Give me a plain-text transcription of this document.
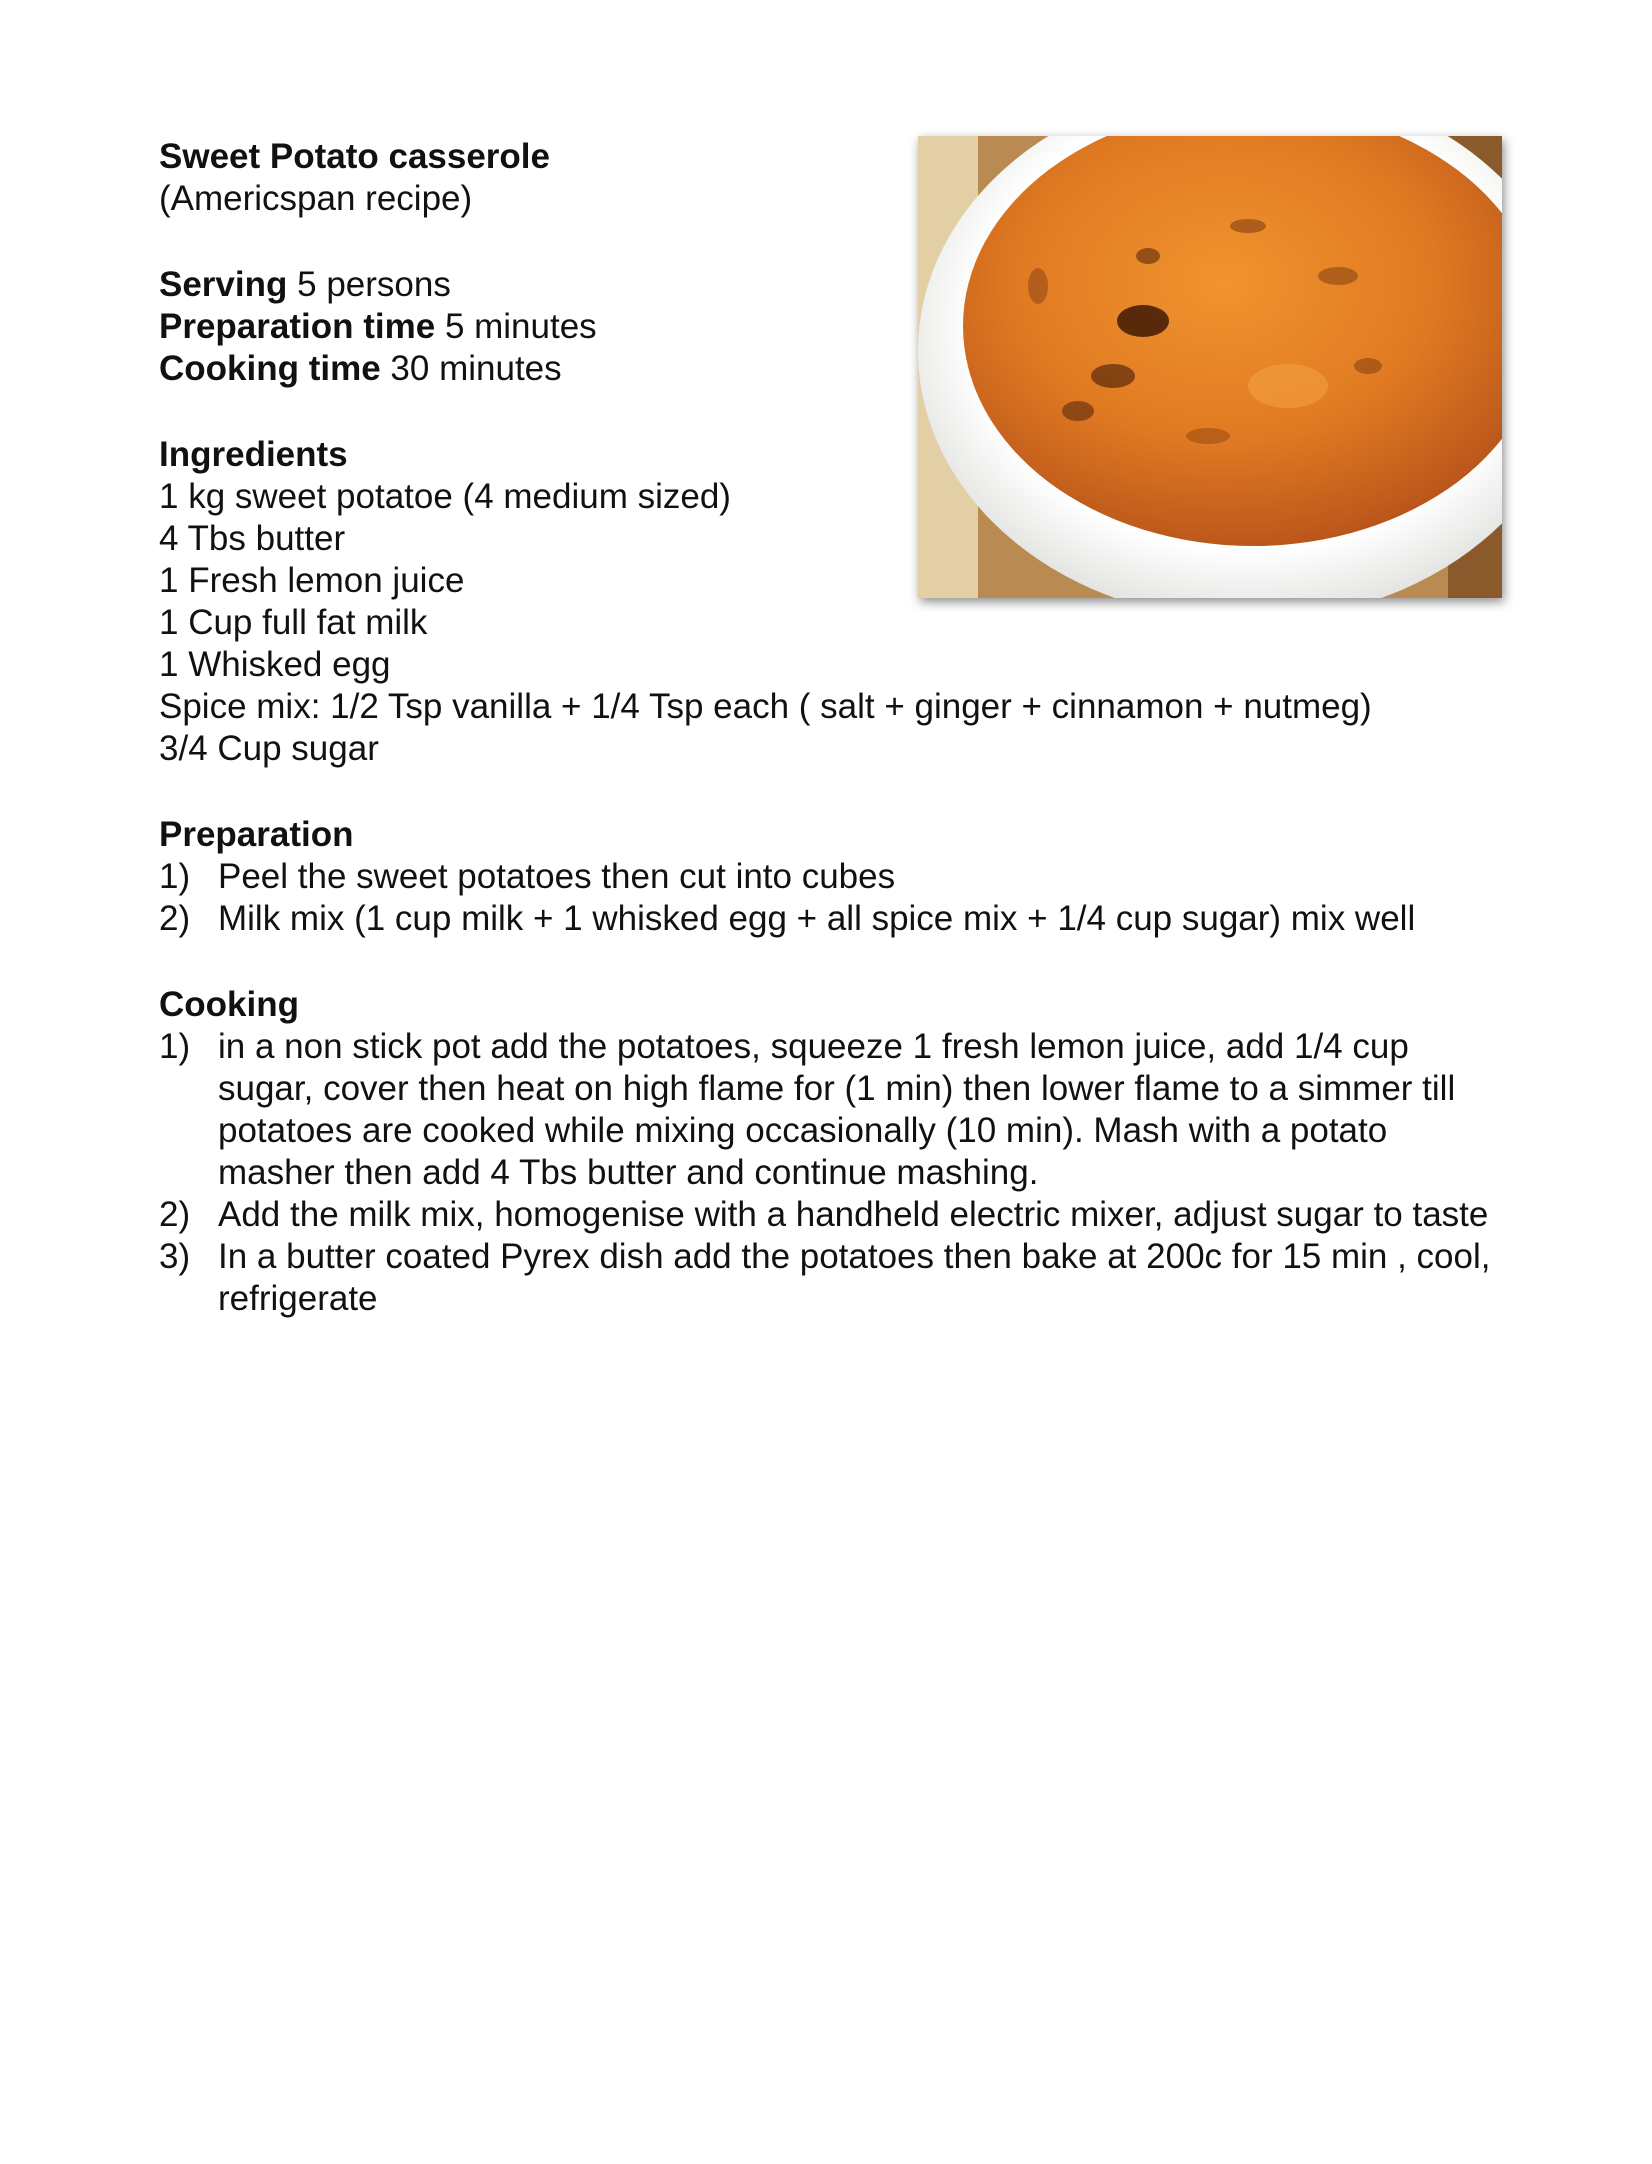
Sweet Potato casserole
(Americspan recipe)
Serving 5 persons
Preparation time 5 minutes
Cooking time 30 minutes
Ingredients
1 kg sweet potatoe (4 medium sized)
4 Tbs butter
1 Fresh lemon juice
1 Cup full fat milk
1 Whisked egg
Spice mix: 1/2 Tsp vanilla + 1/4 Tsp each ( salt + ginger + cinnamon + nutmeg)
3/4 Cup sugar
Preparation
1) Peel the sweet potatoes then cut into cubes
2) Milk mix (1 cup milk + 1 whisked egg + all spice mix + 1/4 cup sugar) mix well
Cooking
1) in a non stick pot add the potatoes, squeeze 1 fresh lemon juice, add 1/4 cup sugar, cover then heat on high flame for (1 min) then lower flame to a simmer till potatoes are cooked while mixing occasionally (10 min). Mash with a potato masher then add 4 Tbs butter and continue mashing.
2) Add the milk mix, homogenise with a handheld electric mixer, adjust sugar to taste
3) In a butter coated Pyrex dish add the potatoes then bake at 200c for 15 min , cool, refrigerate
